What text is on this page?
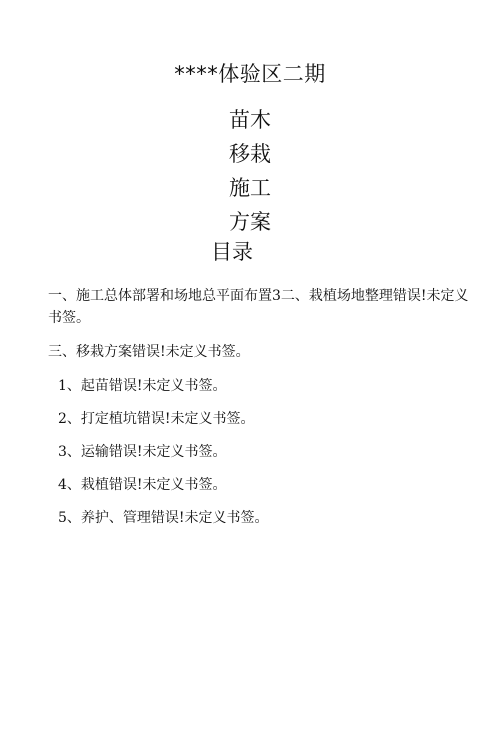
****体验区二期
苗木
移栽
施工
方案
目录

一、施工总体部署和场地总平面布置3二、栽植场地整理错误!未定义书签。

三、移栽方案错误!未定义书签。

1、起苗错误!未定义书签。

2、打定植坑错误!未定义书签。

3、运输错误!未定义书签。

4、栽植错误!未定义书签。

5、养护、管理错误!未定义书签。
